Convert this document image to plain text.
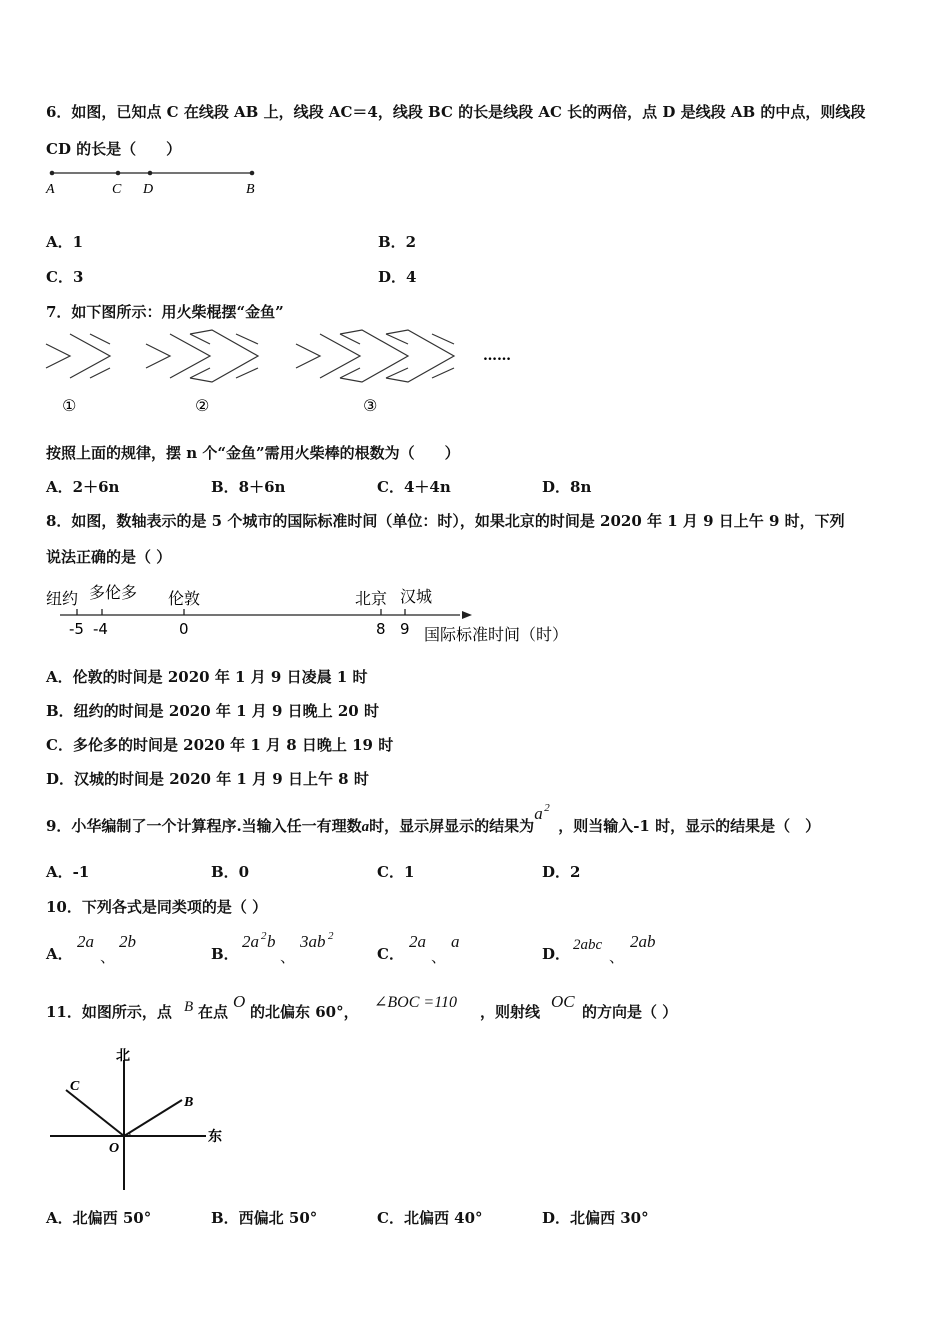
6．如图，已知点 C 在线段 AB 上，线段 AC＝4，线段 BC 的长是线段 AC 长的两倍，点 D 是线段 AB 的中点，则线段
CD 的长是（　　）
A	C D	B
A．1	B．2
C．3	D．4
7．如下图所示：用火柴棍摆“金鱼”
①	②	③
……
按照上面的规律，摆 n 个“金鱼”需用火柴棒的根数为（　　）
A．2＋6n	B．8＋6n	C．4＋4n	D．8n
8．如图，数轴表示的是 5 个城市的国际标准时间（单位：时），如果北京的时间是 2020 年 1 月 9 日上午 9 时，下列
说法正确的是（ ）
纽约 多伦多 伦敦	北京 汉城
-5 -4	0	8 9 国际标准时间（时）
A．伦敦的时间是 2020 年 1 月 9 日凌晨 1 时
B．纽约的时间是 2020 年 1 月 9 日晚上 20 时
C．多伦多的时间是 2020 年 1 月 8 日晚上 19 时
D．汉城的时间是 2020 年 1 月 9 日上午 8 时
9．小华编制了一个计算程序.当输入任一有理数a时，显示屏显示的结果为a 2
，则当输入-1 时，显示的结果是（　）
A．-1	B．0	C．1	D．2
10．下列各式是同类项的是（ ）
A．
2a
、
2b
B．
2a 2 b
、
3ab 2
C．
2a
、
a
D． 2abc
、
2ab
11．如图所示，点 B 在点
O
的北偏东 60°，
∠BOC =110
，则射线
OC
的方向是（ ）
北
东
C
B
O
A．北偏西 50°	B．西偏北 50°	C．北偏西 40°	D．北偏西 30°
